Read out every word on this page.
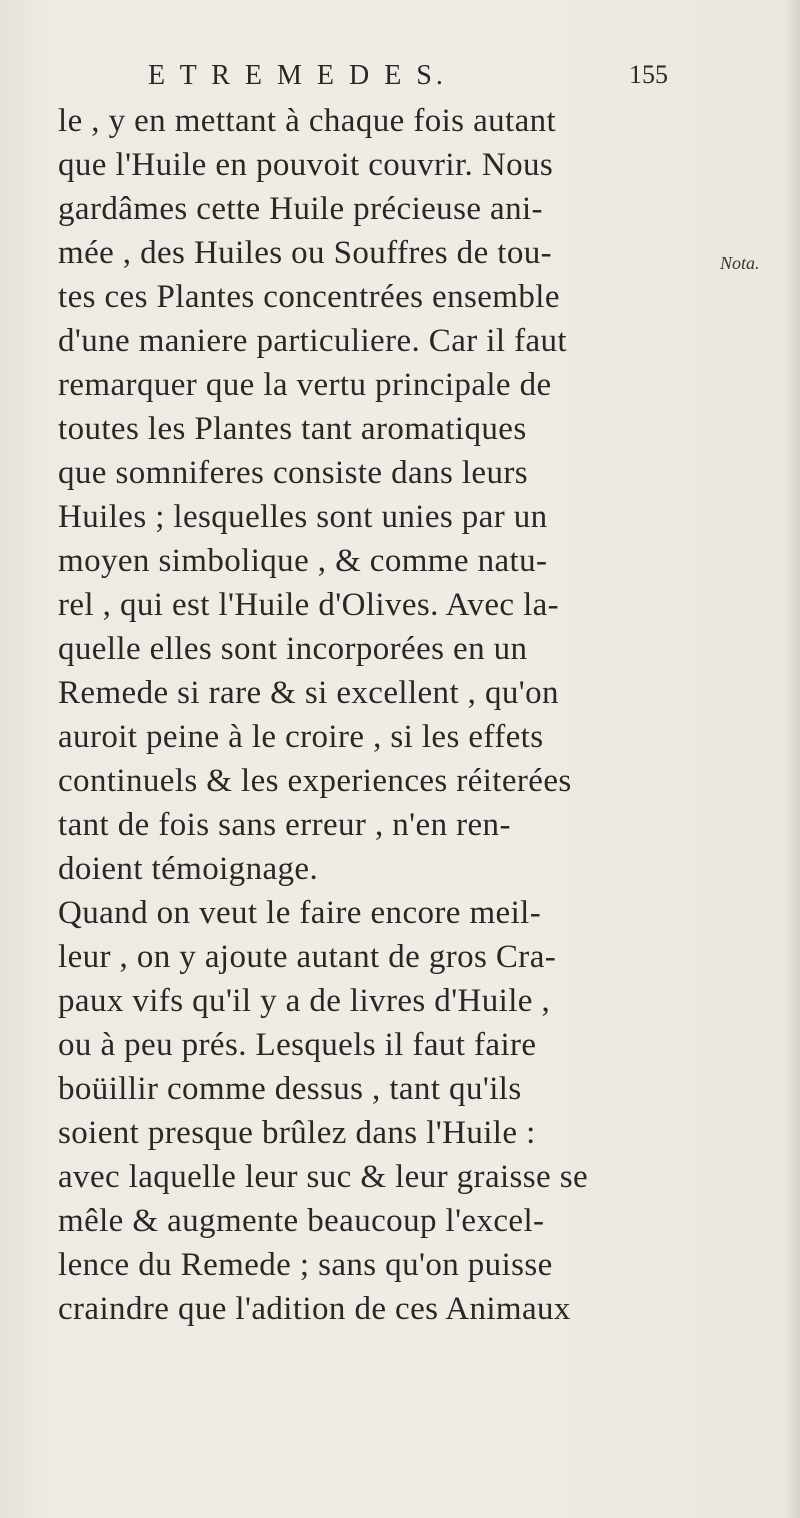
E T R E M E D E S.	155
Nota.
le , y en mettant à chaque fois autant
que l'Huile en pouvoit couvrir. Nous
gardâmes cette Huile précieuse ani-
mée , des Huiles ou Souffres de tou-
tes ces Plantes concentrées ensemble
d'une maniere particuliere. Car il faut
remarquer que la vertu principale de
toutes les Plantes tant aromatiques
que somniferes consiste dans leurs
Huiles ; lesquelles sont unies par un
moyen simbolique , & comme natu-
rel , qui est l'Huile d'Olives. Avec la-
quelle elles sont incorporées en un
Remede si rare & si excellent , qu'on
auroit peine à le croire , si les effets
continuels & les experiences réiterées
tant de fois sans erreur , n'en ren-
doient témoignage.
Quand on veut le faire encore meil-
leur , on y ajoute autant de gros Cra-
paux vifs qu'il y a de livres d'Huile ,
ou à peu prés. Lesquels il faut faire
boüillir comme dessus , tant qu'ils
soient presque brûlez dans l'Huile :
avec laquelle leur suc & leur graisse se
mêle & augmente beaucoup l'excel-
lence du Remede ; sans qu'on puisse
craindre que l'adition de ces Animaux
